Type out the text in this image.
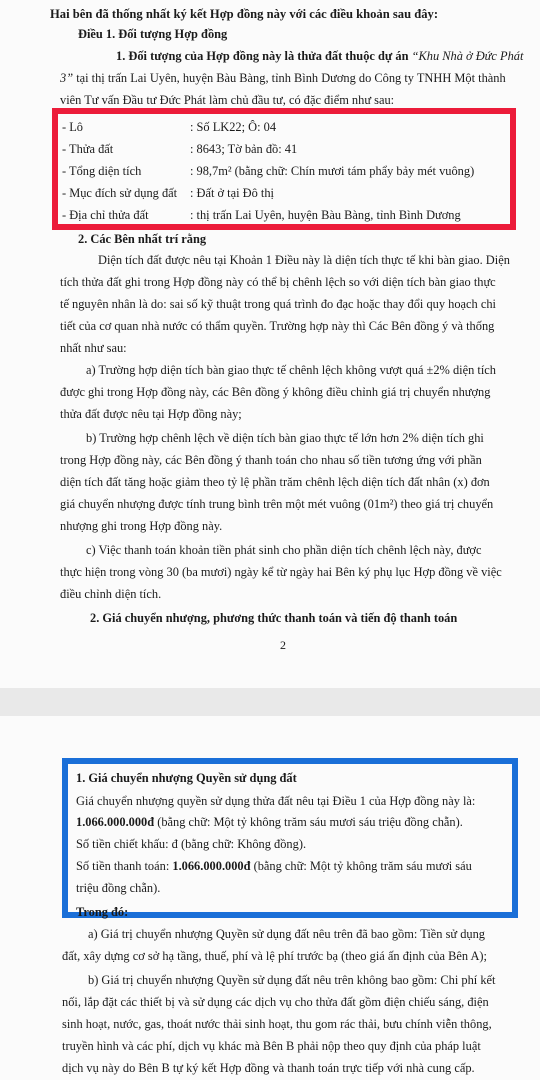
Hai bên đã thống nhất ký kết Hợp đồng này với các điều khoản sau đây:
Điều 1. Đối tượng Hợp đồng
1. Đối tượng của Hợp đồng này là thửa đất thuộc dự án “Khu Nhà ở Đức Phát
3” tại thị trấn Lai Uyên, huyện Bàu Bàng, tỉnh Bình Dương do Công ty TNHH Một thành
viên Tư vấn Đầu tư Đức Phát làm chủ đầu tư, có đặc điểm như sau:
- Lô	: Số LK22; Ô: 04
- Thửa đất	: 8643; Tờ bản đồ: 41
- Tổng diện tích	: 98,7m² (bằng chữ: Chín mươi tám phẩy bảy mét vuông)
- Mục đích sử dụng đất : Đất ở tại Đô thị
- Địa chỉ thửa đất	: thị trấn Lai Uyên, huyện Bàu Bàng, tỉnh Bình Dương
2. Các Bên nhất trí rằng
Diện tích đất được nêu tại Khoản 1 Điều này là diện tích thực tế khi bàn giao. Diện
tích thửa đất ghi trong Hợp đồng này có thể bị chênh lệch so với diện tích bàn giao thực
tế nguyên nhân là do: sai số kỹ thuật trong quá trình đo đạc hoặc thay đổi quy hoạch chi
tiết của cơ quan nhà nước có thẩm quyền. Trường hợp này thì Các Bên đồng ý và thống
nhất như sau:
a) Trường hợp diện tích bàn giao thực tế chênh lệch không vượt quá ±2% diện tích
được ghi trong Hợp đồng này, các Bên đồng ý không điều chỉnh giá trị chuyển nhượng
thửa đất được nêu tại Hợp đồng này;
b) Trường hợp chênh lệch về diện tích bàn giao thực tế lớn hơn 2% diện tích ghi
trong Hợp đồng này, các Bên đồng ý thanh toán cho nhau số tiền tương ứng với phần
diện tích đất tăng hoặc giảm theo tỷ lệ phần trăm chênh lệch diện tích đất nhân (x) đơn
giá chuyển nhượng được tính trung bình trên một mét vuông (01m²) theo giá trị chuyển
nhượng ghi trong Hợp đồng này.
c) Việc thanh toán khoản tiền phát sinh cho phần diện tích chênh lệch này, được
thực hiện trong vòng 30 (ba mươi) ngày kể từ ngày hai Bên ký phụ lục Hợp đồng về việc
điều chỉnh diện tích.
2. Giá chuyển nhượng, phương thức thanh toán và tiến độ thanh toán
2
1. Giá chuyển nhượng Quyền sử dụng đất
Giá chuyển nhượng quyền sử dụng thửa đất nêu tại Điều 1 của Hợp đồng này là:
1.066.000.000đ (bằng chữ: Một tỷ không trăm sáu mươi sáu triệu đồng chẵn).
Số tiền chiết khấu: đ (bằng chữ: Không đồng).
Số tiền thanh toán: 1.066.000.000đ (bằng chữ: Một tỷ không trăm sáu mươi sáu
triệu đồng chẵn).
Trong đó:
a) Giá trị chuyển nhượng Quyền sử dụng đất nêu trên đã bao gồm: Tiền sử dụng
đất, xây dựng cơ sở hạ tầng, thuế, phí và lệ phí trước bạ (theo giá ấn định của Bên A);
b) Giá trị chuyển nhượng Quyền sử dụng đất nêu trên không bao gồm: Chi phí kết
nối, lắp đặt các thiết bị và sử dụng các dịch vụ cho thửa đất gồm điện chiếu sáng, điện
sinh hoạt, nước, gas, thoát nước thải sinh hoạt, thu gom rác thải, bưu chính viễn thông,
truyền hình và các phí, dịch vụ khác mà Bên B phải nộp theo quy định của pháp luật
dịch vụ này do Bên B tự ký kết Hợp đồng và thanh toán trực tiếp với nhà cung cấp.
